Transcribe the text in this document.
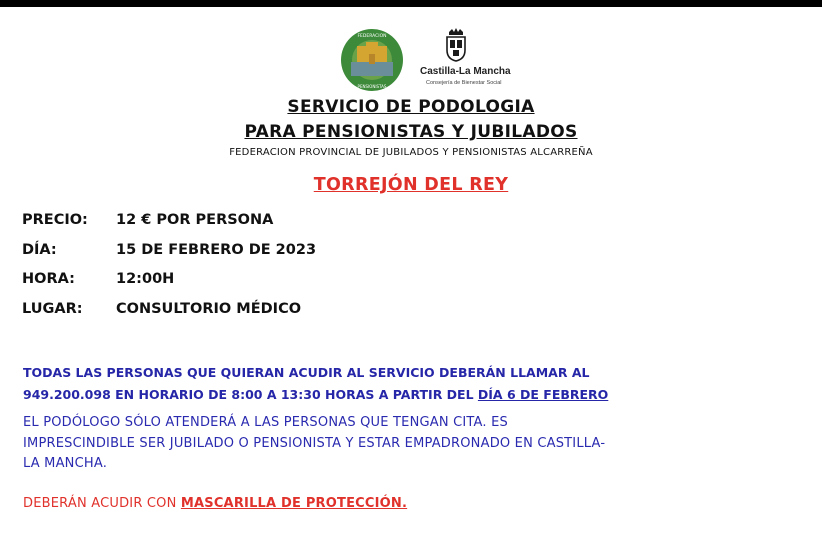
FEDERACION
PENSIONISTAS
Castilla-La Mancha
Consejería de Bienestar Social
SERVICIO DE PODOLOGIA
PARA PENSIONISTAS Y JUBILADOS
FEDERACION PROVINCIAL DE JUBILADOS Y PENSIONISTAS ALCARREÑA
TORREJÓN DEL REY
PRECIO: 12 € POR PERSONA
DÍA:	15 DE FEBRERO DE 2023
HORA:	12:00H
LUGAR: CONSULTORIO MÉDICO
TODAS LAS PERSONAS QUE QUIERAN ACUDIR AL SERVICIO DEBERÁN LLAMAR AL
949.200.098 EN HORARIO DE 8:00 A 13:30 HORAS A PARTIR DEL DÍA 6 DE FEBRERO
EL PODÓLOGO SÓLO ATENDERÁ A LAS PERSONAS QUE TENGAN CITA. ES
IMPRESCINDIBLE SER JUBILADO O PENSIONISTA Y ESTAR EMPADRONADO EN CASTILLA-
LA MANCHA.
DEBERÁN ACUDIR CON MASCARILLA DE PROTECCIÓN.
